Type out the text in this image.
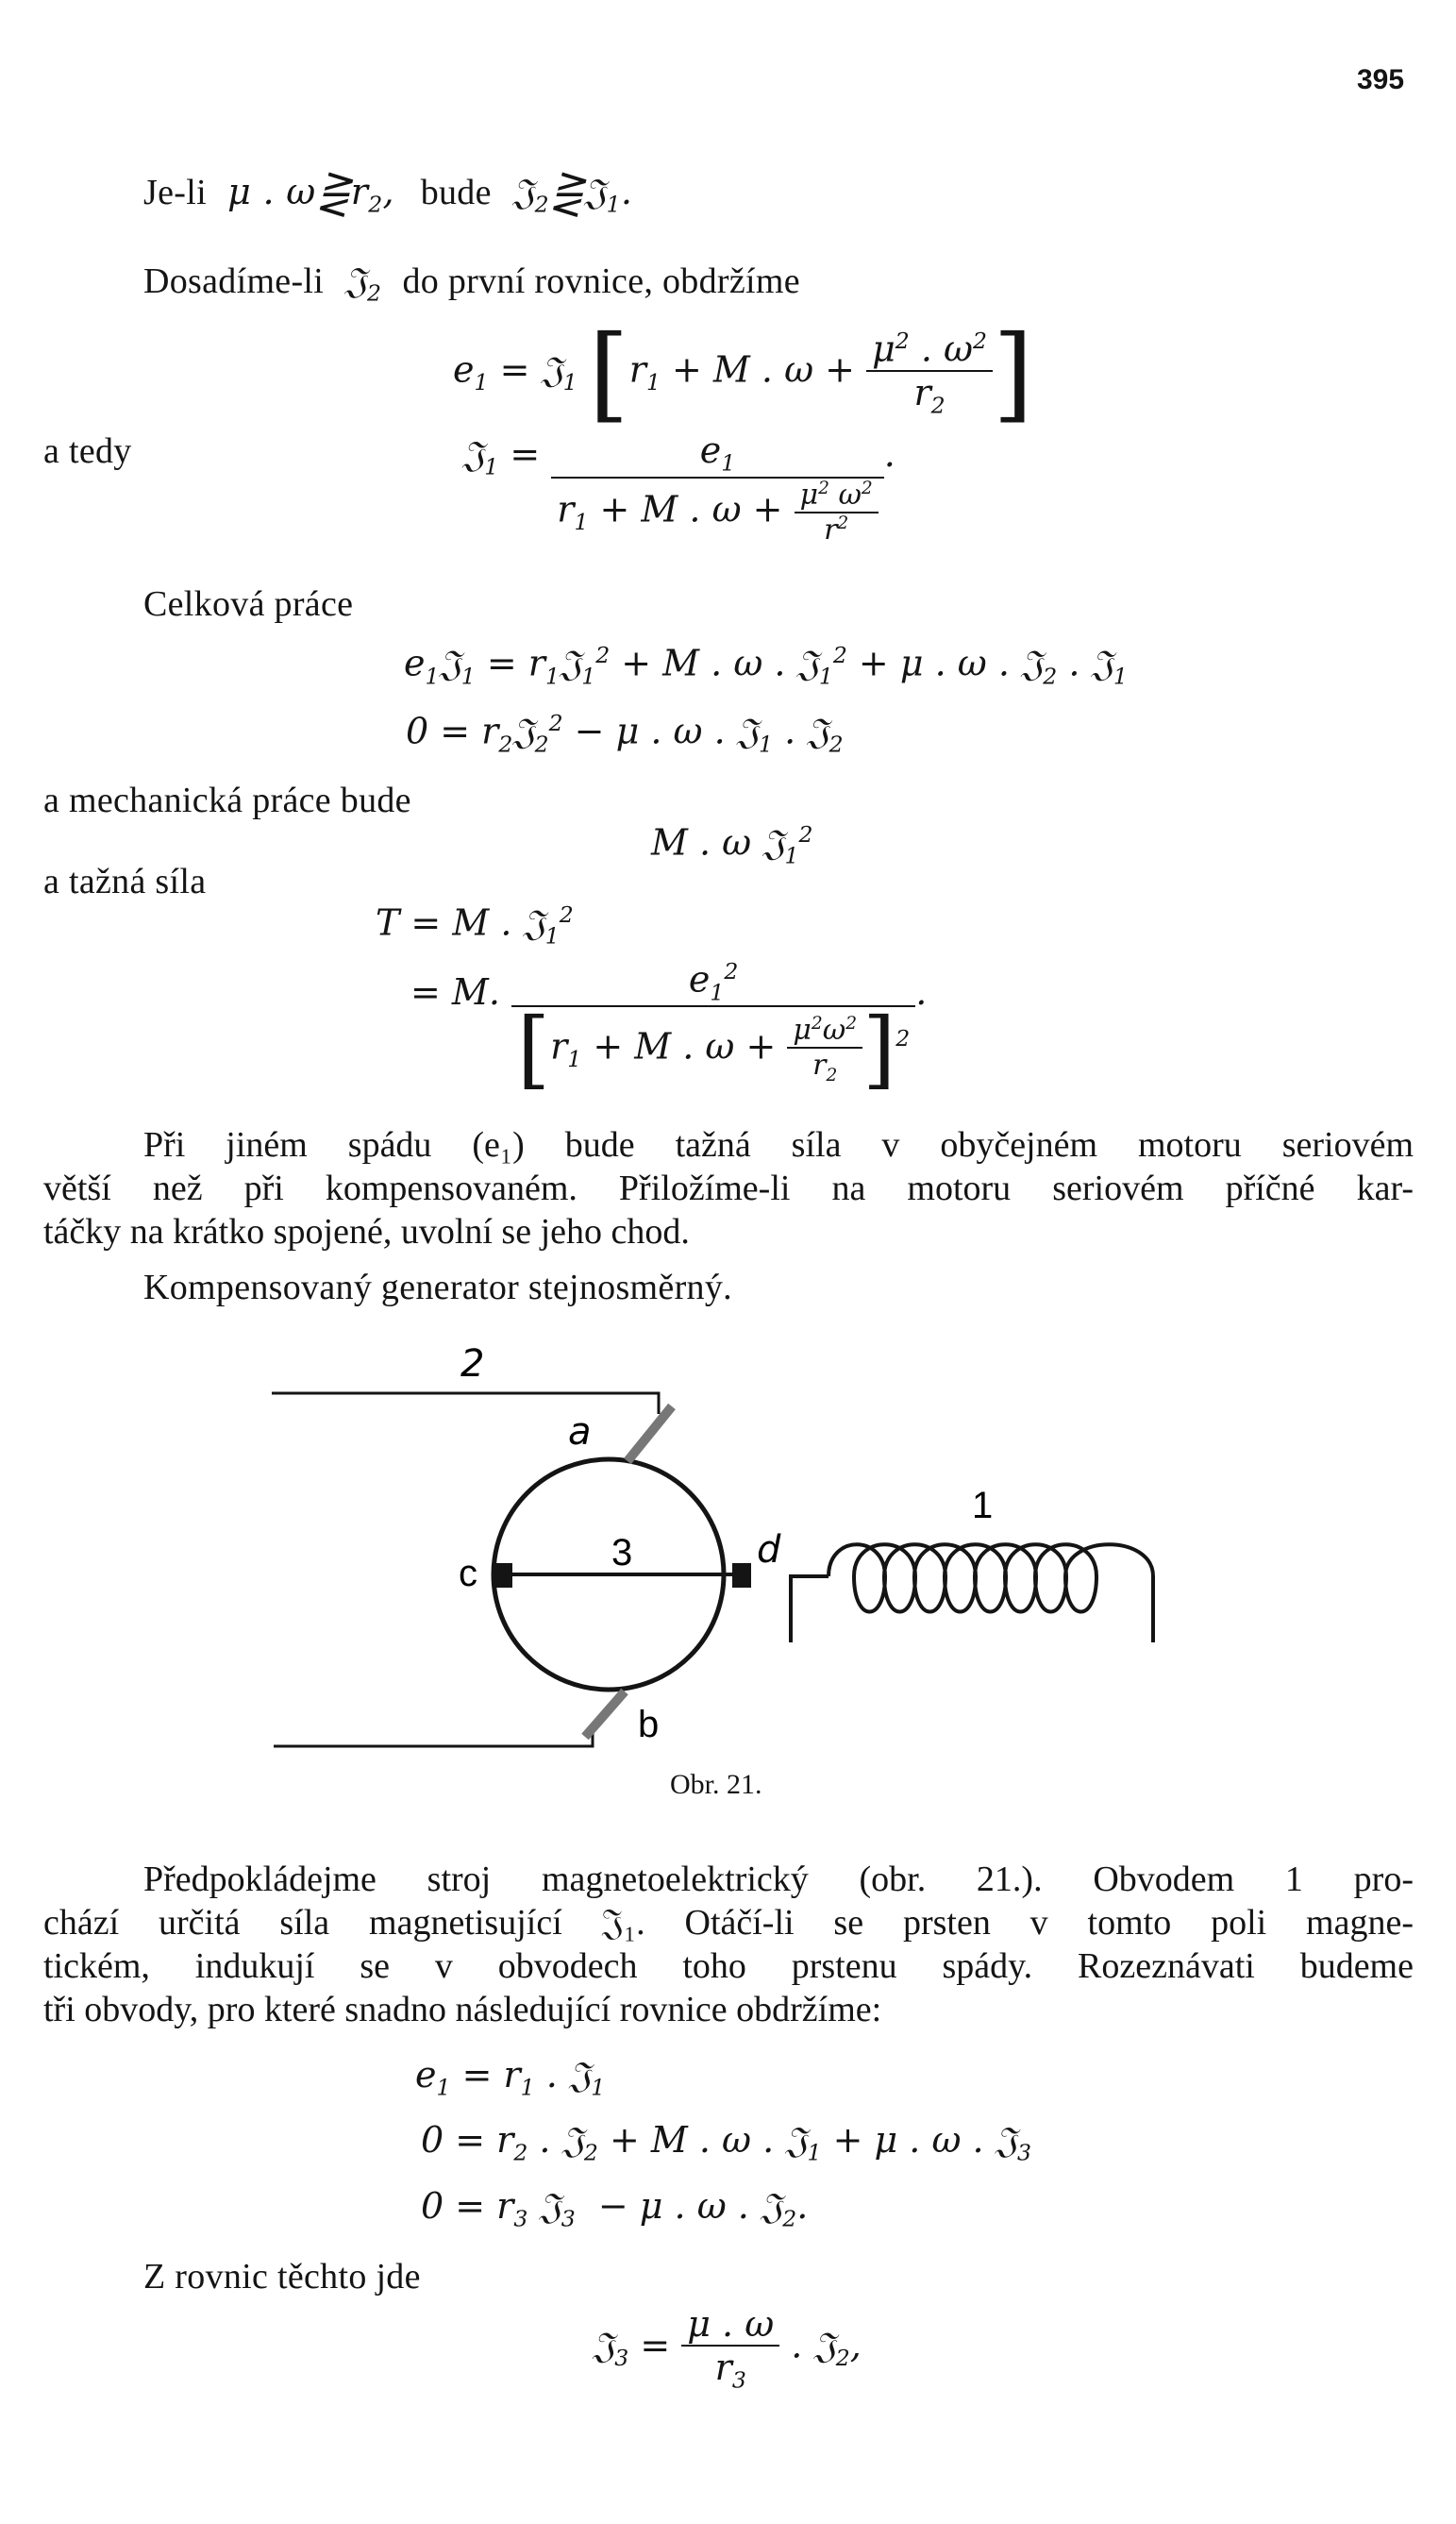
395
Je-li  μ . $\omega⋛r_2$, bude  𝔍$_2$⋛𝔍$_1$.
Dosadíme-li  𝔍$_2$ do první rovnice, obdržíme
$e_1$ = 𝔍$_1$ [$r_1 + M$ . $\omega + \frac{\mu^2 . \omega^2}{r_2}$ ]
a tedy	𝔍$_1$ = $\frac{e_1}{r_1 + M . \omega + \frac{\mu^2 \omega^2}{r^2}}$ .
Celková práce
$e_1𝔍_1$ = $r_1𝔍_1^2 + M$ . ω . 𝔍$_1^2$ + μ . ω . 𝔍$_2$ . 𝔍$_1$
$0 = r_2𝔍_2^2 - \mu$ . ω . 𝔍$_1$ . 𝔍$_2$
a mechanická práce bude
M . ω 𝔍$_1^2$
a tažná síla
T = M . 𝔍$_1^2$
= M. $\frac{e_1^2}{[r_1 + M . \omega + \frac{\mu^2\omega^2}{r_2} ]^2}$ .
Při jiném spádu (e₁) bude tažná síla v obyčejném motoru seriovém
větší než při kompensovaném. Přiložíme-li na motoru seriovém příčné kar-
táčky na krátko spojené, uvolní se jeho chod.
Kompensovaný generator stejnosměrný.
2
a
1
c	3	d
b
Obr. 21.
Předpokládejme stroj magnetoelektrický (obr. 21.). Obvodem 1 pro-
chází určitá síla magnetisující 𝔍₁. Otáčí-li se prsten v tomto poli magne-
tickém, indukují se v obvodech toho prstenu spády. Rozeznávati budeme
tři obvody, pro které snadno následující rovnice obdržíme:
$e_1 = r_1$ . 𝔍$_1$
$0 = r_2$ . 𝔍$_2$ + M . ω . 𝔍$_1$ + μ . ω . 𝔍$_3$
$0 = r_3$ 𝔍$_3$  − μ . ω . 𝔍$_2$.
Z rovnic těchto jde
𝔍$_3$ = $\frac{\mu . \omega}{r_3}$ . 𝔍$_2$,
